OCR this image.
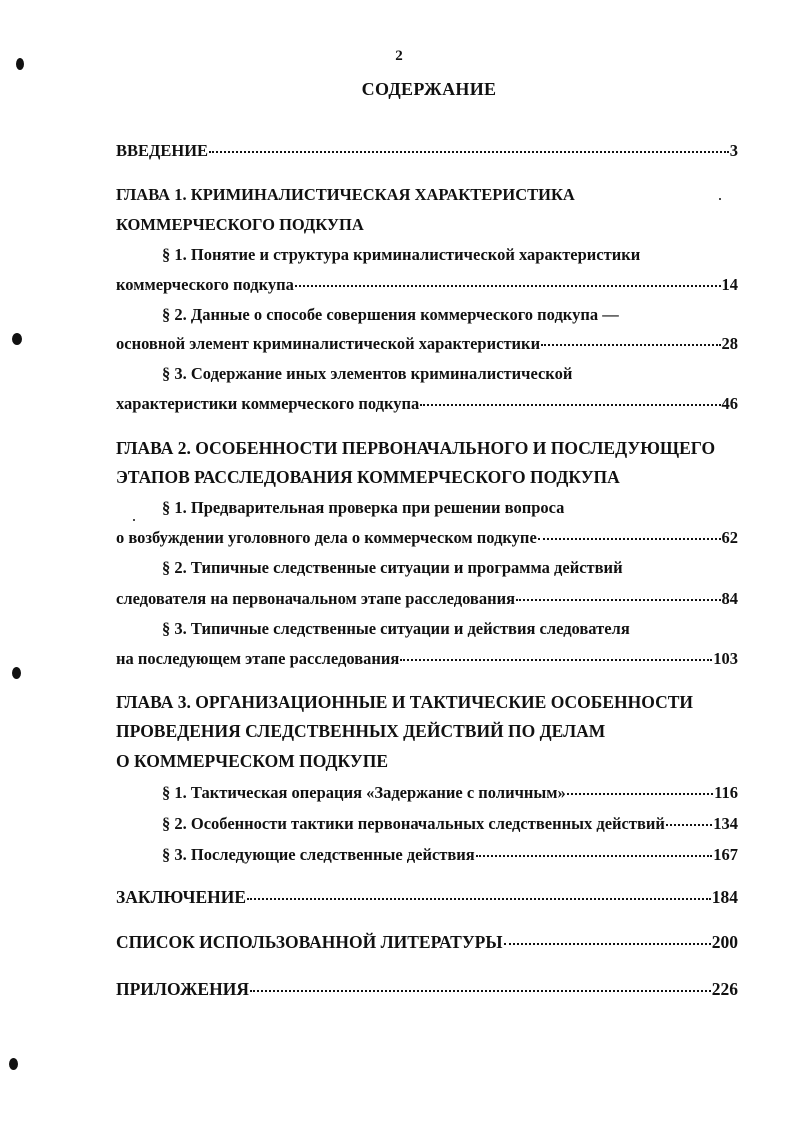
2
СОДЕРЖАНИЕ
ВВЕДЕНИЕ	3
ГЛАВА 1. КРИМИНАЛИСТИЧЕСКАЯ ХАРАКТЕРИСТИКА
КОММЕРЧЕСКОГО ПОДКУПА
§ 1. Понятие и структура криминалистической характеристики
коммерческого подкупа	14
§ 2. Данные о способе совершения коммерческого подкупа —
основной элемент криминалистической характеристики	28
§ 3. Содержание иных элементов криминалистической
характеристики коммерческого подкупа	46
ГЛАВА 2. ОСОБЕННОСТИ ПЕРВОНАЧАЛЬНОГО И ПОСЛЕДУЮЩЕГО
ЭТАПОВ РАССЛЕДОВАНИЯ КОММЕРЧЕСКОГО ПОДКУПА
§ 1. Предварительная проверка при решении вопроса
о возбуждении уголовного дела о коммерческом подкупе	62
§ 2. Типичные следственные ситуации и программа действий
следователя на первоначальном этапе расследования	84
§ 3. Типичные следственные ситуации и действия следователя
на последующем этапе расследования	103
ГЛАВА 3. ОРГАНИЗАЦИОННЫЕ И ТАКТИЧЕСКИЕ ОСОБЕННОСТИ
ПРОВЕДЕНИЯ СЛЕДСТВЕННЫХ ДЕЙСТВИЙ ПО ДЕЛАМ
О КОММЕРЧЕСКОМ ПОДКУПЕ
§ 1. Тактическая операция «Задержание с поличным»	116
§ 2. Особенности тактики первоначальных следственных действий	134
§ 3. Последующие следственные действия	167
ЗАКЛЮЧЕНИЕ	184
СПИСОК ИСПОЛЬЗОВАННОЙ ЛИТЕРАТУРЫ	200
ПРИЛОЖЕНИЯ	226
